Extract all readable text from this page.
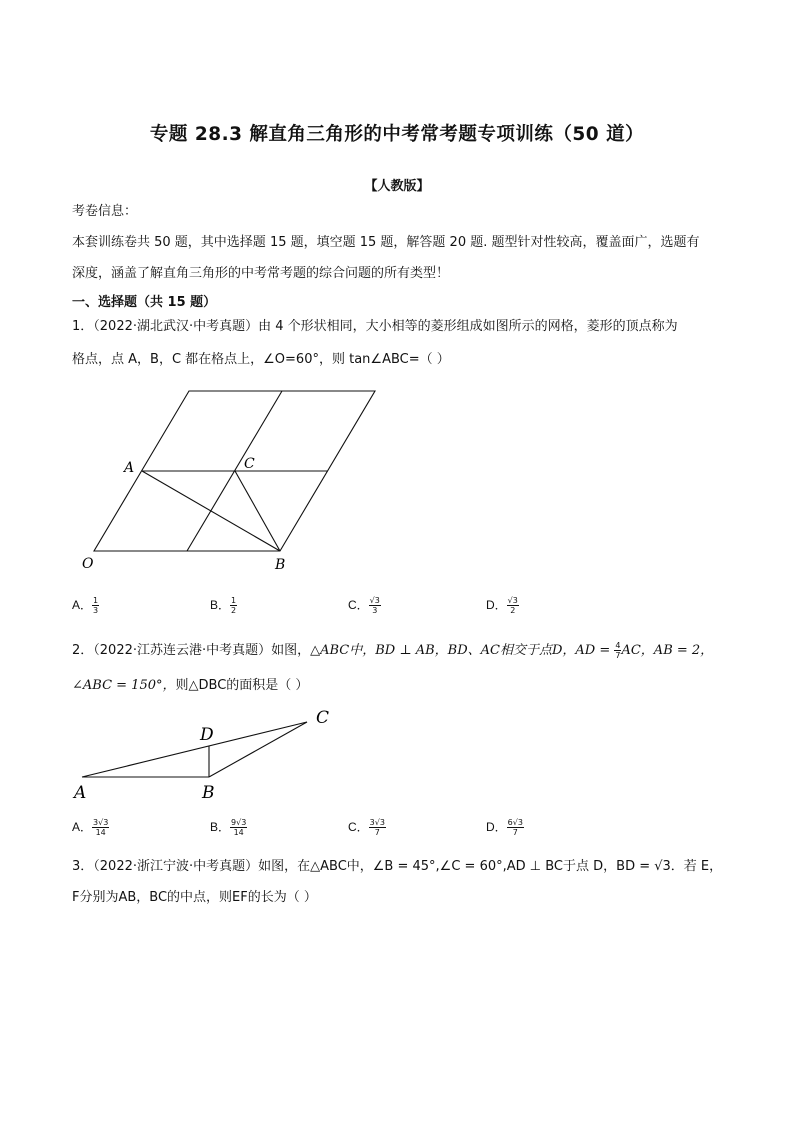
专题 28.3 解直角三角形的中考常考题专项训练（50 道）
【人教版】
考卷信息：
本套训练卷共 50 题，其中选择题 15 题，填空题 15 题，解答题 20 题. 题型针对性较高，覆盖面广，选题有
深度，涵盖了解直角三角形的中考常考题的综合问题的所有类型！
一、选择题（共 15 题）
1．（2022·湖北武汉·中考真题）由 4 个形状相同，大小相等的菱形组成如图所示的网格，菱形的顶点称为
格点，点 A，B，C 都在格点上，∠O=60°，则 tan∠ABC=（ ）
A	C
O	B
A． $\frac{1}{3}$	B． $\frac{1}{2}$	C． $\frac{√3}{3}$	D． $\frac{√3}{2}$
2．（2022·江苏连云港·中考真题）如图，△ABC中，BD ⊥ AB，BD、AC相交于点D，AD = $\frac{4}{7}$ AC，AB = 2，
∠ABC = 150°，则△DBC的面积是（ ）
D
C
A	B
A． $\frac{3√3}{14}$	B． $\frac{9√3}{14}$	C． $\frac{3√3}{7}$	D． $\frac{6√3}{7}$
3．（2022·浙江宁波·中考真题）如图，在△ABC中，∠B = 45°,∠C = 60°,AD ⊥ BC于点 D，BD = √3．若 E，
F分别为AB，BC的中点，则EF的长为（ ）
